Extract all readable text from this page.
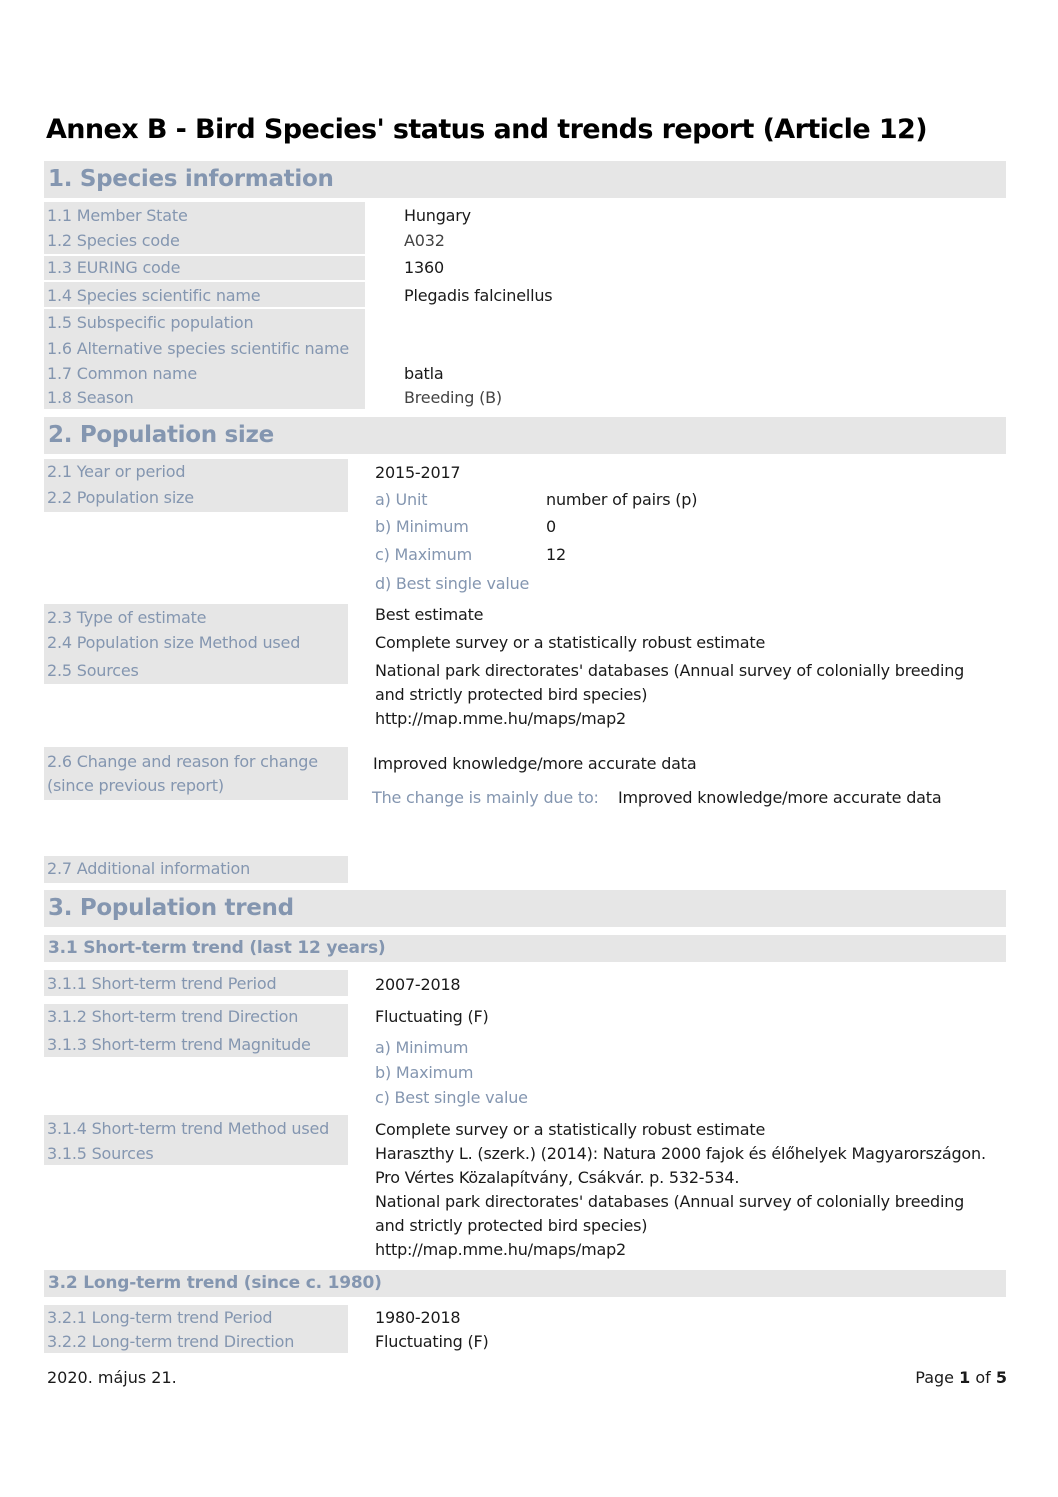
Annex B - Bird Species' status and trends report (Article 12)
1. Species information
1.1 Member State	Hungary
1.2 Species code	A032
1.3 EURING code	1360
1.4 Species scientific name	Plegadis falcinellus
1.5 Subspecific population
1.6 Alternative species scientific name
1.7 Common name	batla
1.8 Season	Breeding (B)
2. Population size
2.1 Year or period	2015-2017
2.2 Population size	a) Unit	number of pairs (p)
b) Minimum	0
c) Maximum	12
d) Best single value
2.3 Type of estimate	Best estimate
2.4 Population size Method used	Complete survey or a statistically robust estimate
2.5 Sources	National park directorates' databases (Annual survey of colonially breeding
and strictly protected bird species)
http://map.mme.hu/maps/map2
2.6 Change and reason for change
(since previous report)
Improved knowledge/more accurate data
The change is mainly due to: Improved knowledge/more accurate data
2.7 Additional information
3. Population trend
3.1 Short-term trend (last 12 years)
3.1.1 Short-term trend Period	2007-2018
3.1.2 Short-term trend Direction	Fluctuating (F)
3.1.3 Short-term trend Magnitude	a) Minimum
b) Maximum
c) Best single value
3.1.4 Short-term trend Method used	Complete survey or a statistically robust estimate
3.1.5 Sources	Haraszthy L. (szerk.) (2014): Natura 2000 fajok és élőhelyek Magyarországon.
Pro Vértes Közalapítvány, Csákvár. p. 532-534.
National park directorates' databases (Annual survey of colonially breeding
and strictly protected bird species)
http://map.mme.hu/maps/map2
3.2 Long-term trend (since c. 1980)
3.2.1 Long-term trend Period	1980-2018
3.2.2 Long-term trend Direction	Fluctuating (F)
2020. május 21.	Page 1 of 5
